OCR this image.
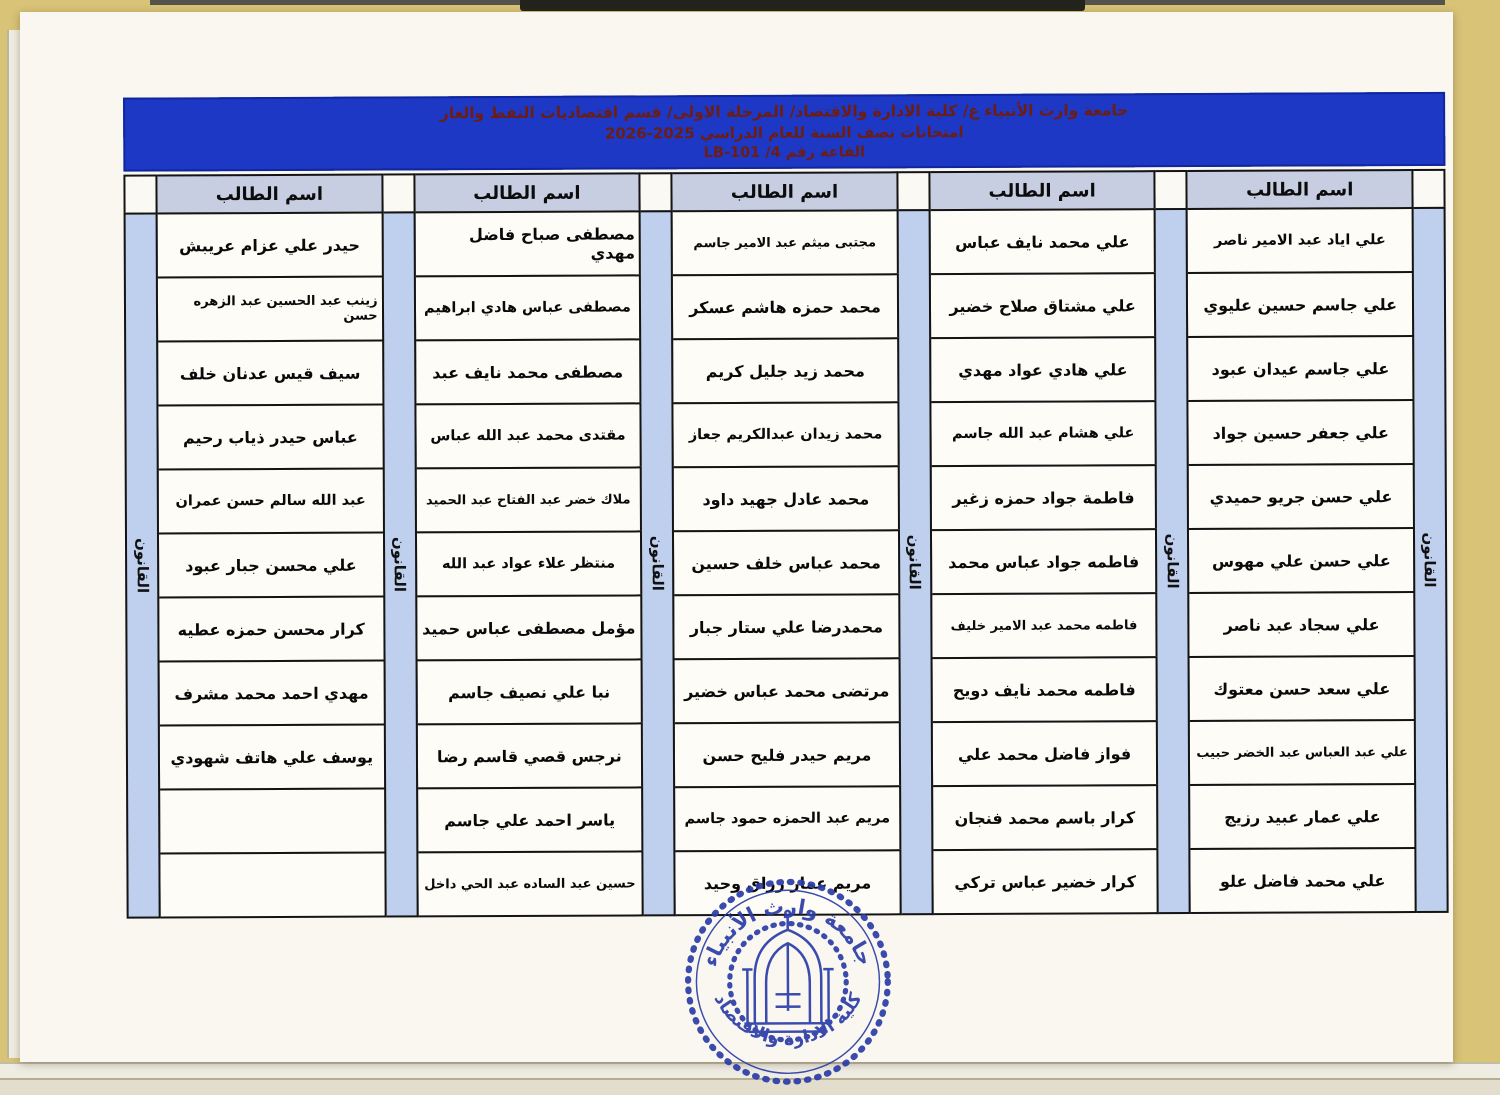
جامعة وارث الأنبياء ع/ كلية الادارة والاقتصاد/ المرحلة الاولى/ قسم اقتصاديات النفط والغاز
امتحانات نصف السنة للعام الدراسي 2025-2026
القاعة رقم 4/ LB-101
القانون
اسم الطالب
علي اياد عبد الامير ناصر
علي جاسم حسين عليوي
علي جاسم عيدان عبود
علي جعفر حسين جواد
علي حسن جريو حميدي
علي حسن علي مهوس
علي سجاد عبد ناصر
علي سعد حسن معتوك
علي عبد العباس عبد الخضر حبيب
علي عمار عبيد رزيج
علي محمد فاضل علو
القانون
اسم الطالب
علي محمد نايف عباس
علي مشتاق صلاح خضير
علي هادي عواد مهدي
علي هشام عبد الله جاسم
فاطمة جواد حمزه زغير
فاطمه جواد عباس محمد
فاطمه محمد عبد الامير خليف
فاطمه محمد نايف دويح
فواز فاضل محمد علي
كرار باسم محمد فنجان
كرار خضير عباس تركي
القانون
اسم الطالب
مجتبى ميثم عبد الامير جاسم
محمد حمزه هاشم عسكر
محمد زيد جليل كريم
محمد زيدان عبدالكريم جعاز
محمد عادل جهيد داود
محمد عباس خلف حسين
محمدرضا علي ستار جبار
مرتضى محمد عباس خضير
مريم حيدر فليح حسن
مريم عبد الحمزه حمود جاسم
مريم عمار رزاق وحيد
القانون
اسم الطالب
مصطفى صباح فاضل مهدي
مصطفى عباس هادي ابراهيم
مصطفى محمد نايف عبد
مقتدى محمد عبد الله عباس
ملاك خضر عبد الفتاح عبد الحميد
منتظر علاء عواد عبد الله
مؤمل مصطفى عباس حميد
نبا علي نصيف جاسم
نرجس قصي قاسم رضا
ياسر احمد علي جاسم
حسين عبد الساده عبد الحي داخل
القانون
اسم الطالب
حيدر علي عزام عريبش
زينب عبد الحسين عبد الزهره حسن
سيف قيس عدنان خلف
عباس حيدر ذياب رحيم
عبد الله سالم حسن عمران
علي محسن جبار عبود
كرار محسن حمزه عطيه
مهدي احمد محمد مشرف
يوسف علي هاتف شهودي
القانون
جامعة وارث الأنبياء
كلية الادارة والاقتصاد
